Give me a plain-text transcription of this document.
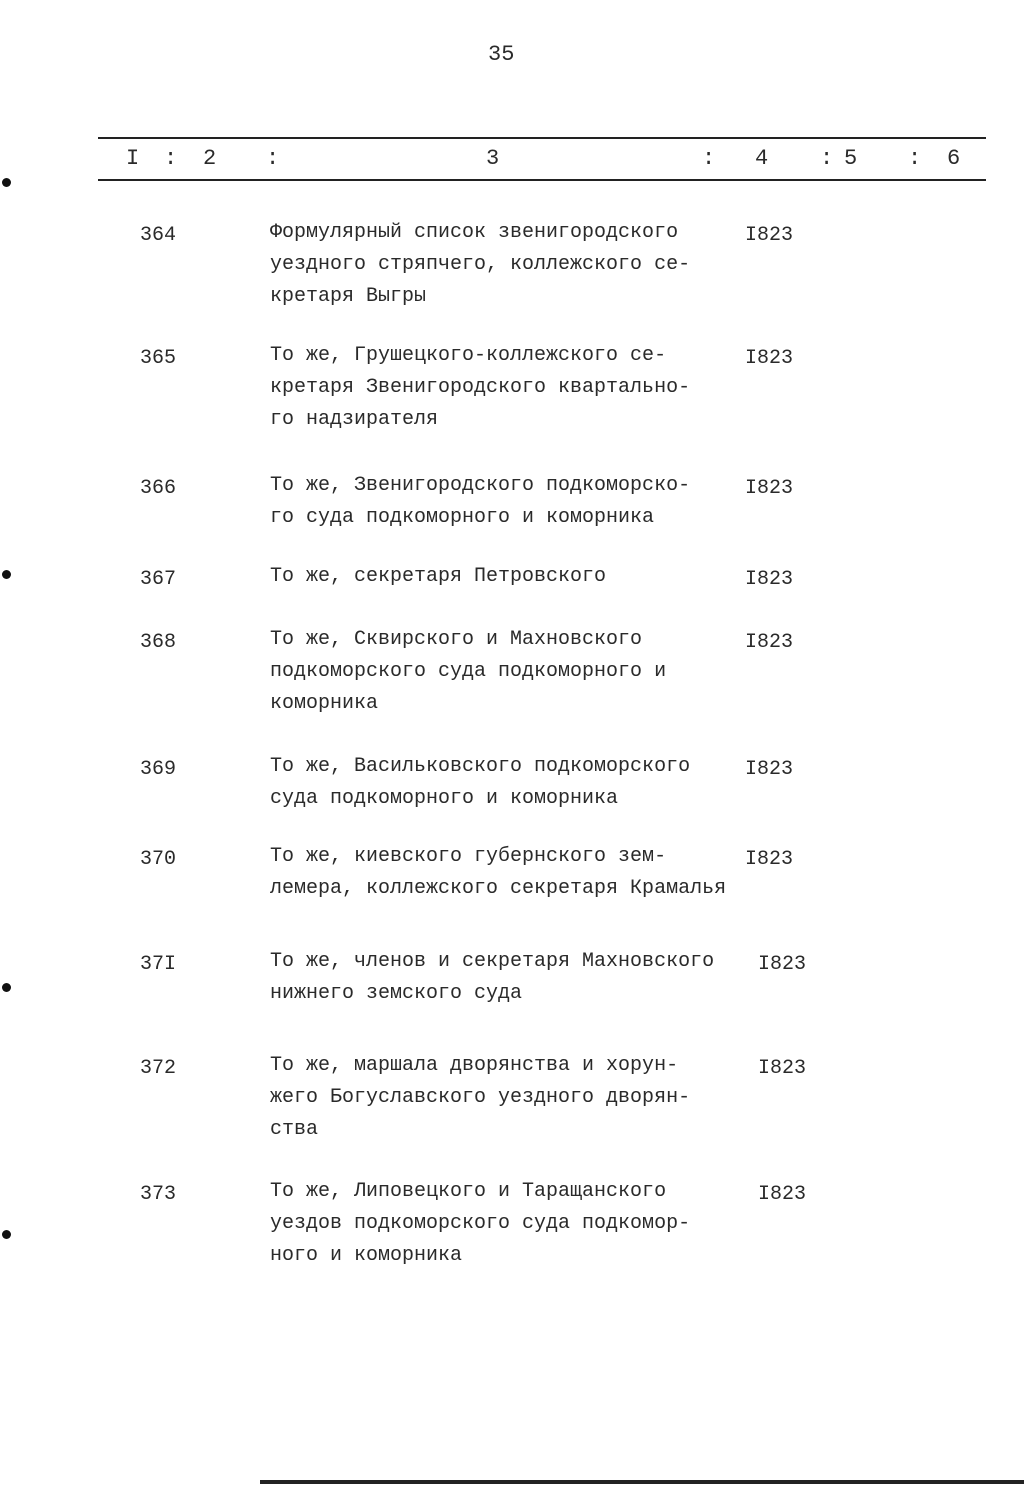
35
I : 2 :	3	: 4 : 5 : 6
364	Формулярный список звенигородского
уездного стряпчего, коллежского се-
кретаря Выгры
I823
365	То же, Грушецкого-коллежского се-
кретаря Звенигородского квартально-
го надзирателя
I823
366	То же, Звенигородского подкоморско-
го суда подкоморного и коморника
I823
367	То же, секретаря Петровского	I823
368	То же, Сквирского и Махновского
подкоморского суда подкоморного и
коморника
I823
369	То же, Васильковского подкоморского
суда подкоморного и коморника
I823
370	То же, киевского губернского зем-
лемера, коллежского секретаря Крамалья
I823
37I	То же, членов и секретаря Махновского
нижнего земского суда
I823
372	То же, маршала дворянства и хорун-
жего Богуславского уездного дворян-
ства
I823
373	То же, Липовецкого и Таращанского
уездов подкоморского суда подкомор-
ного и коморника
I823
